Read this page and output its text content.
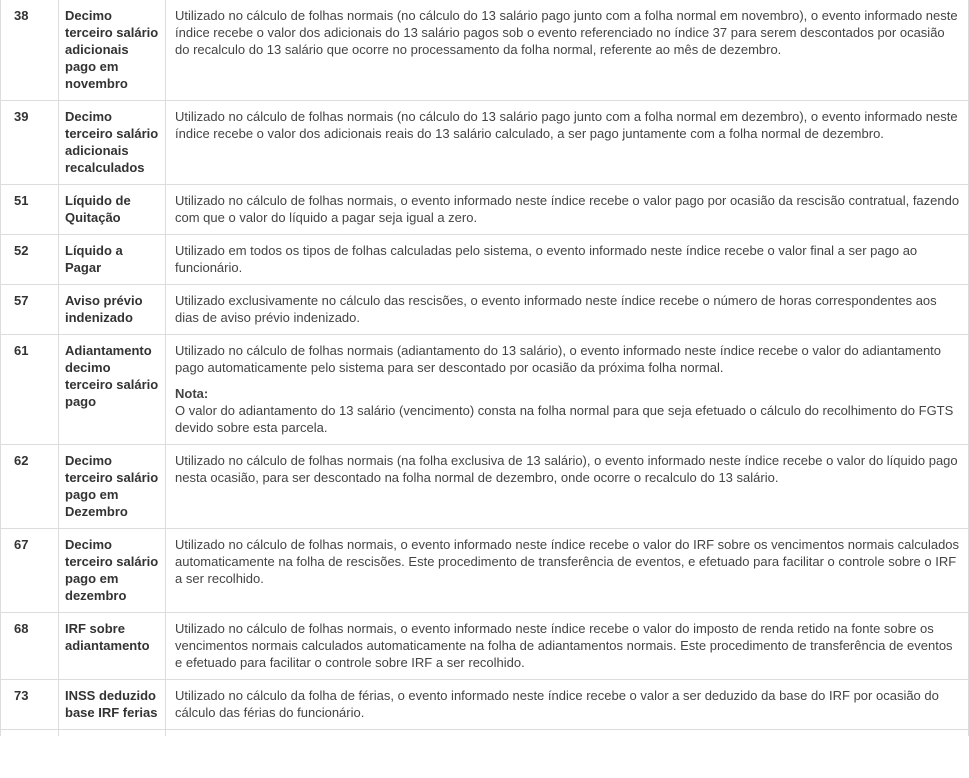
38	Decimo terceiro salário adicionais pago em novembro	Utilizado no cálculo de folhas normais (no cálculo do 13 salário pago junto com a folha normal em novembro), o evento informado neste índice recebe o valor dos adicionais do 13 salário pagos sob o evento referenciado no índice 37 para serem descontados por ocasião do recalculo do 13 salário que ocorre no processamento da folha normal, referente ao mês de dezembro.
39	Decimo terceiro salário adicionais recalculados	Utilizado no cálculo de folhas normais (no cálculo do 13 salário pago junto com a folha normal em dezembro), o evento informado neste índice recebe o valor dos adicionais reais do 13 salário calculado, a ser pago juntamente com a folha normal de dezembro.
51	Líquido de Quitação	Utilizado no cálculo de folhas normais, o evento informado neste índice recebe o valor pago por ocasião da rescisão contratual, fazendo com que o valor do líquido a pagar seja igual a zero.
52	Líquido a Pagar	Utilizado em todos os tipos de folhas calculadas pelo sistema, o evento informado neste índice recebe o valor final a ser pago ao funcionário.
57	Aviso prévio indenizado	Utilizado exclusivamente no cálculo das rescisões, o evento informado neste índice recebe o número de horas correspondentes aos dias de aviso prévio indenizado.
61	Adiantamento decimo terceiro salário pago	Utilizado no cálculo de folhas normais (adiantamento do 13 salário), o evento informado neste índice recebe o valor do adiantamento pago automaticamente pelo sistema para ser descontado por ocasião da próxima folha normal.
Nota:
O valor do adiantamento do 13 salário (vencimento) consta na folha normal para que seja efetuado o cálculo do recolhimento do FGTS devido sobre esta parcela.

62	Decimo terceiro salário pago em Dezembro	Utilizado no cálculo de folhas normais (na folha exclusiva de 13 salário), o evento informado neste índice recebe o valor do líquido pago nesta ocasião, para ser descontado na folha normal de dezembro, onde ocorre o recalculo do 13 salário.
67	Decimo terceiro salário pago em dezembro	Utilizado no cálculo de folhas normais, o evento informado neste índice recebe o valor do IRF sobre os vencimentos normais calculados automaticamente na folha de rescisões. Este procedimento de transferência de eventos, e efetuado para facilitar o controle sobre o IRF a ser recolhido.
68	IRF sobre adiantamento	Utilizado no cálculo de folhas normais, o evento informado neste índice recebe o valor do imposto de renda retido na fonte sobre os vencimentos normais calculados automaticamente na folha de adiantamentos normais. Este procedimento de transferência de eventos e efetuado para facilitar o controle sobre IRF a ser recolhido.
73	INSS deduzido base IRF ferias	Utilizado no cálculo da folha de férias, o evento informado neste índice recebe o valor a ser deduzido da base do IRF por ocasião do cálculo das férias do funcionário.
